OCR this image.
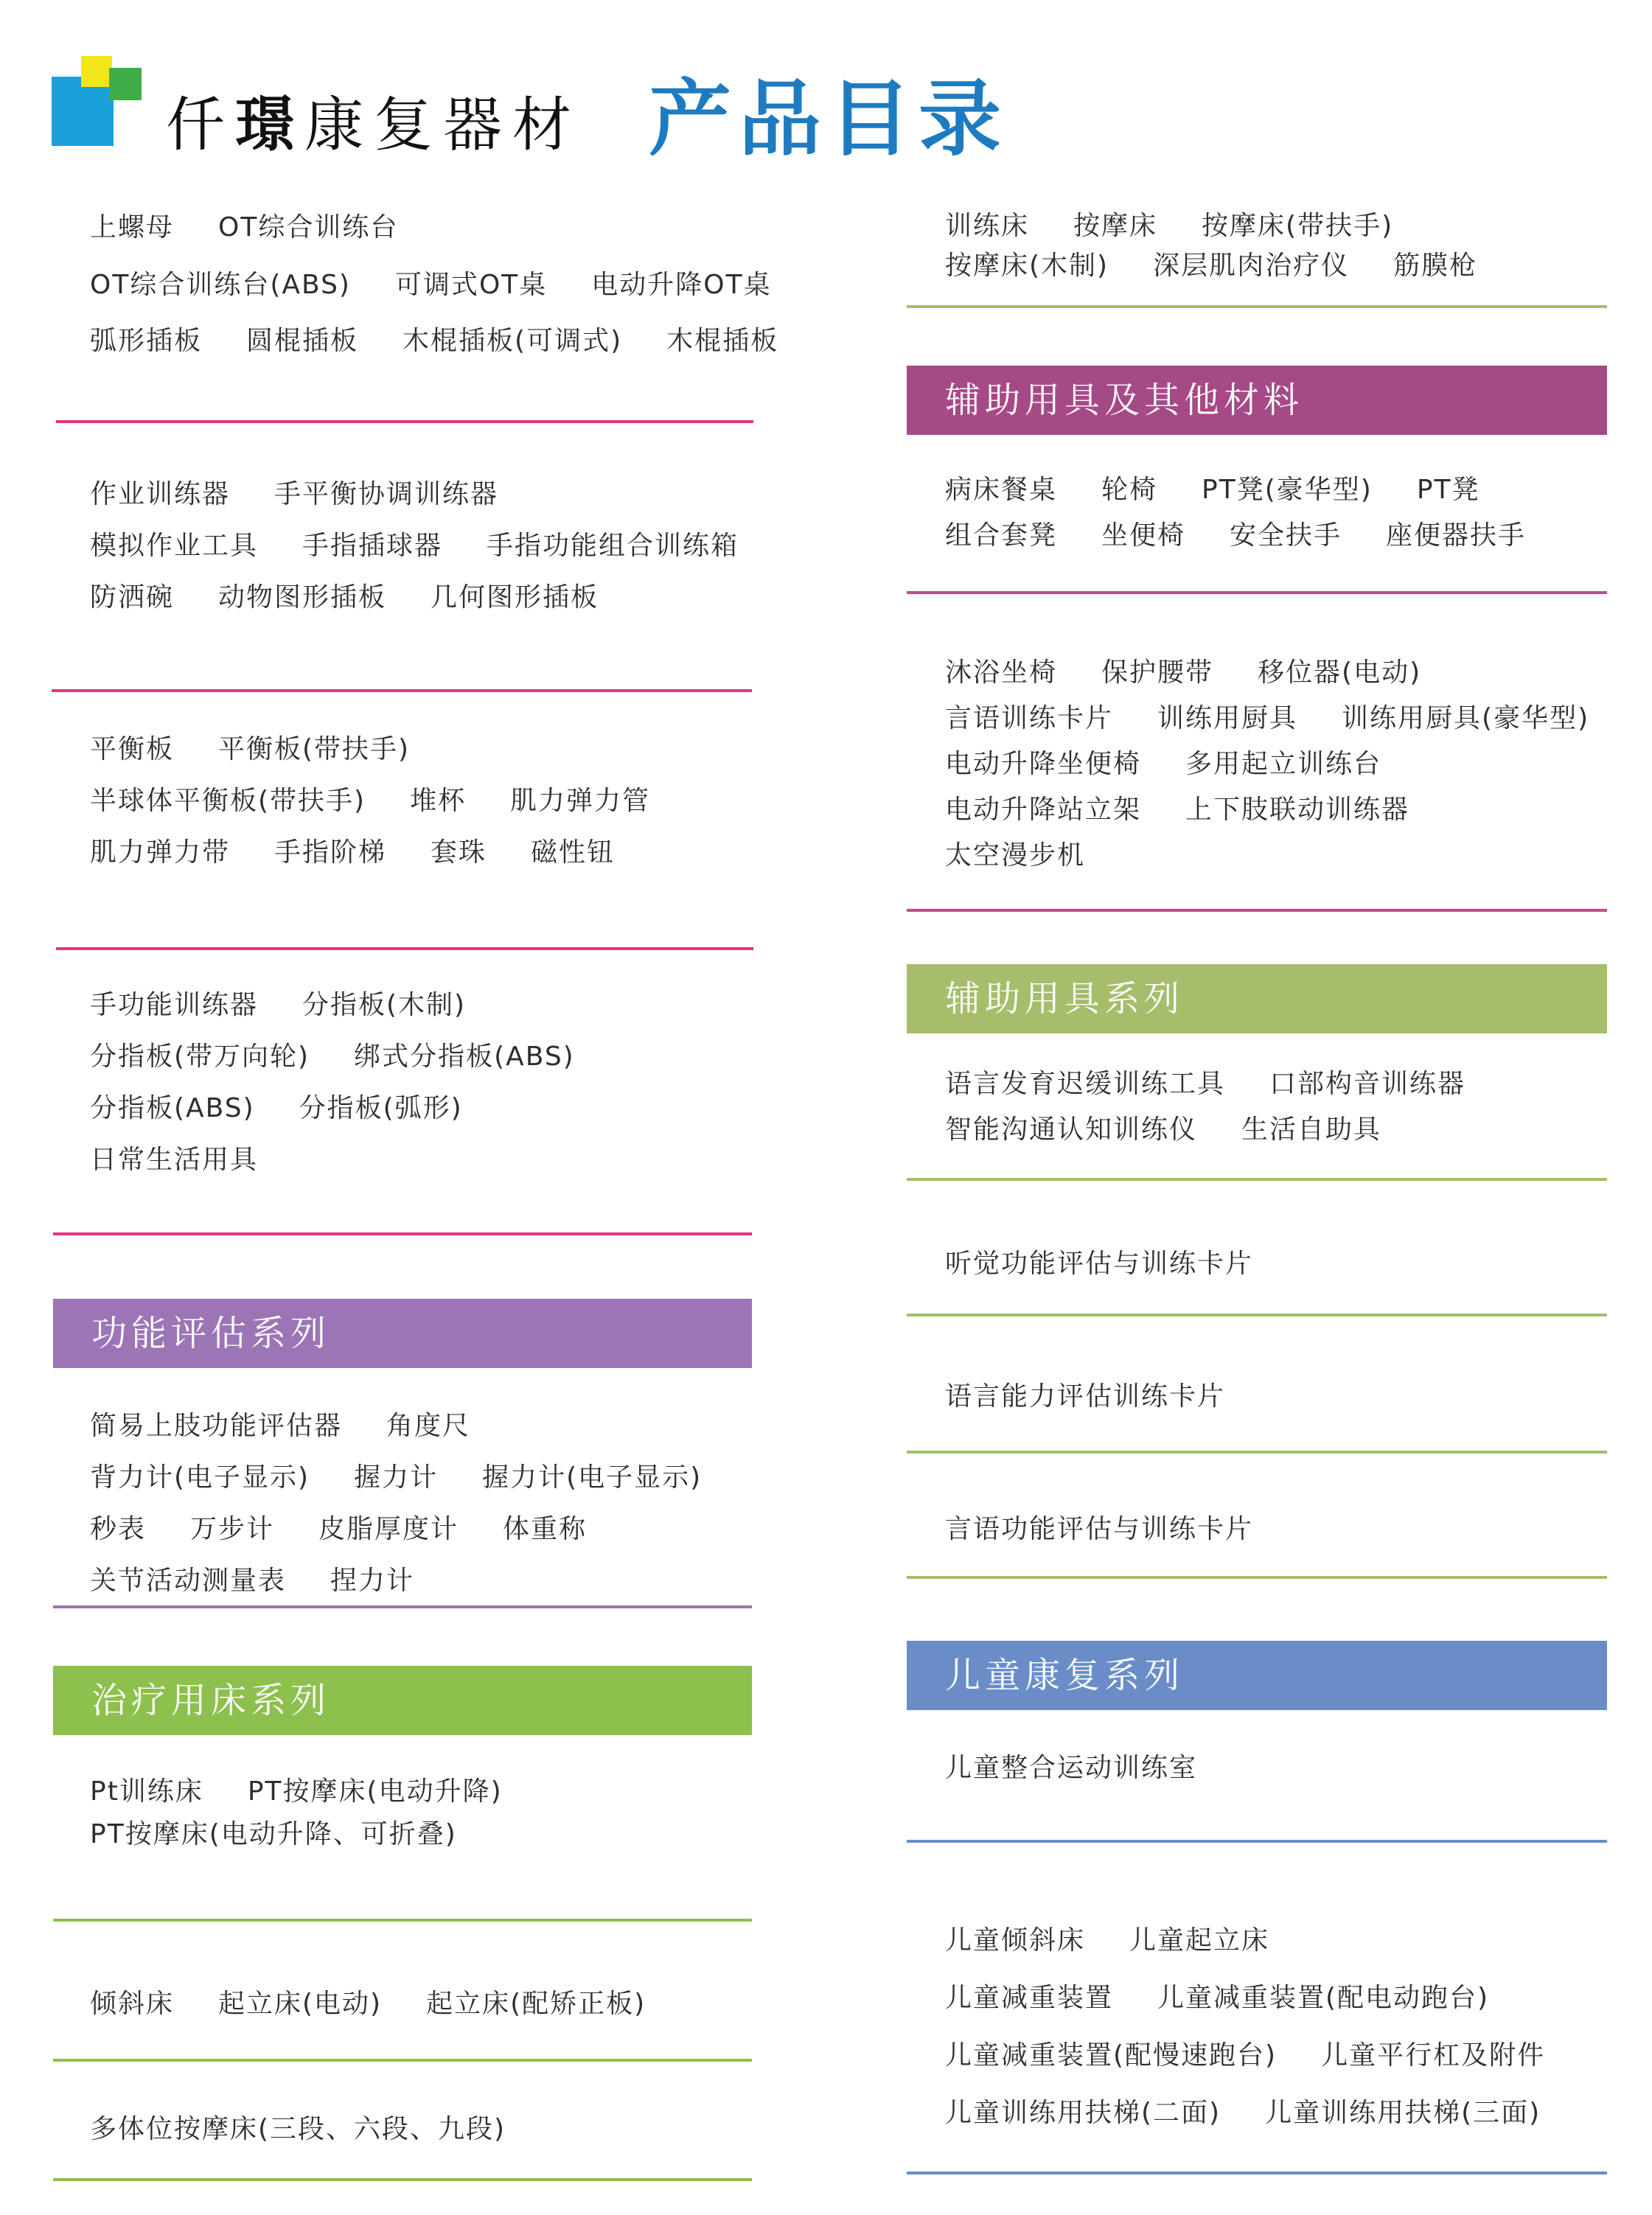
仟璟康复器材 产品目录
上螺母 OT综合训练台
OT综合训练台(ABS) 可调式OT桌 电动升降OT桌
弧形插板 圆棍插板 木棍插板(可调式) 木棍插板
作业训练器 手平衡协调训练器
模拟作业工具 手指插球器 手指功能组合训练箱
防洒碗 动物图形插板 几何图形插板
平衡板 平衡板(带扶手)
半球体平衡板(带扶手) 堆杯 肌力弹力管
肌力弹力带 手指阶梯 套珠 磁性钮
手功能训练器 分指板(木制)
分指板(带万向轮) 绑式分指板(ABS)
分指板(ABS) 分指板(弧形)
日常生活用具
功能评估系列
简易上肢功能评估器 角度尺
背力计(电子显示) 握力计 握力计(电子显示)
秒表 万步计 皮脂厚度计 体重称
关节活动测量表 捏力计
治疗用床系列
Pt训练床 PT按摩床(电动升降)
PT按摩床(电动升降、可折叠)
倾斜床 起立床(电动) 起立床(配矫正板)
多体位按摩床(三段、六段、九段)
训练床 按摩床 按摩床(带扶手)
按摩床(木制) 深层肌肉治疗仪 筋膜枪
辅助用具及其他材料
病床餐桌 轮椅 PT凳(豪华型) PT凳
组合套凳 坐便椅 安全扶手 座便器扶手
沐浴坐椅 保护腰带 移位器(电动)
言语训练卡片 训练用厨具 训练用厨具(豪华型)
电动升降坐便椅 多用起立训练台
电动升降站立架 上下肢联动训练器
太空漫步机
辅助用具系列
语言发育迟缓训练工具 口部构音训练器
智能沟通认知训练仪 生活自助具
听觉功能评估与训练卡片
语言能力评估训练卡片
言语功能评估与训练卡片
儿童康复系列
儿童整合运动训练室
儿童倾斜床 儿童起立床
儿童减重装置 儿童减重装置(配电动跑台)
儿童减重装置(配慢速跑台) 儿童平行杠及附件
儿童训练用扶梯(二面) 儿童训练用扶梯(三面)
